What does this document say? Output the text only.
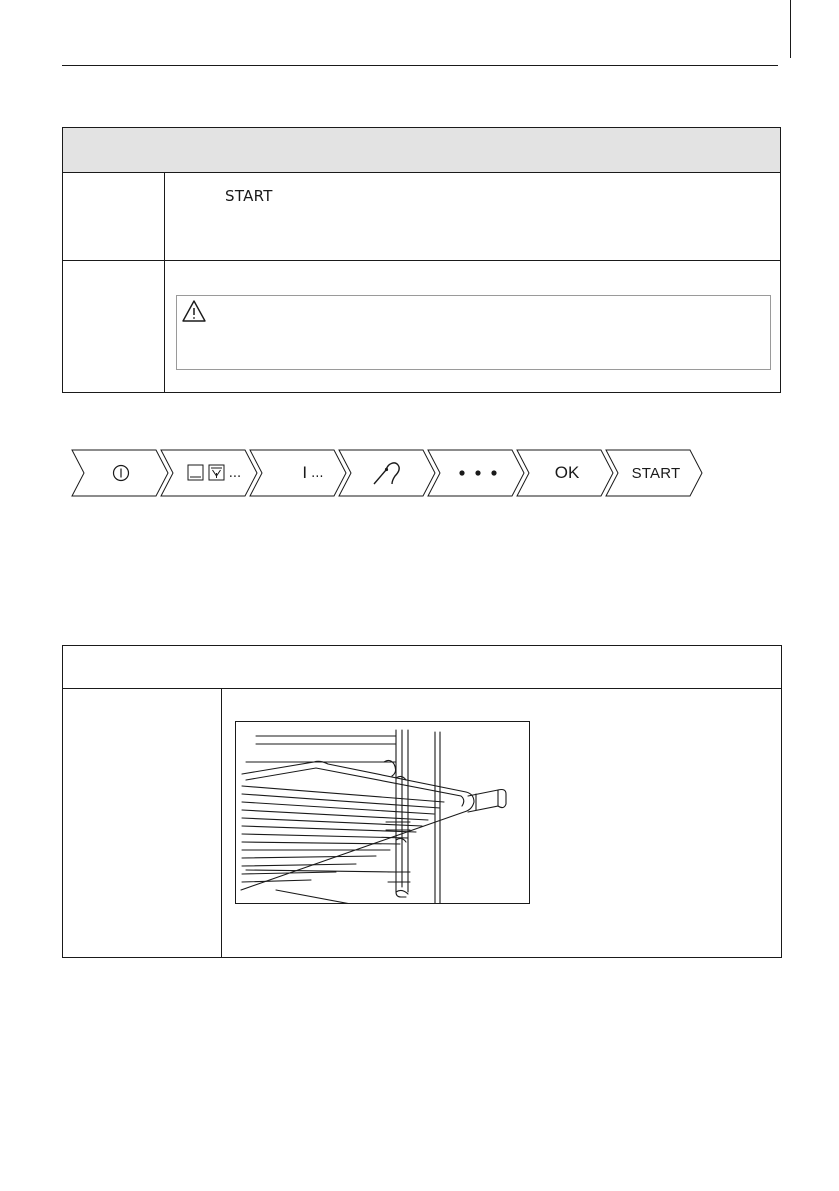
START
...	I ...	OK	START
